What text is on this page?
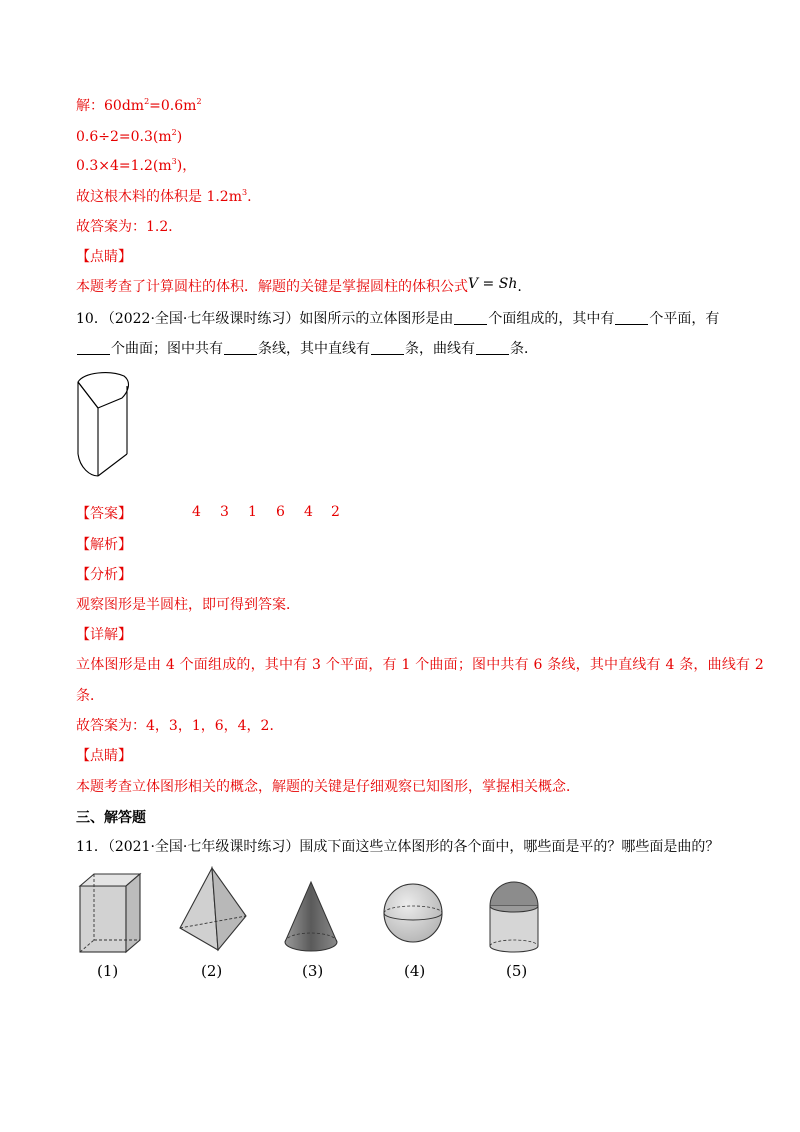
解：$60dm^2=0.6m^2$
$0.6\div 2=0.3(m^2)$
$0.3\times 4=1.2(m^3)$，
故这根木料的体积是 $1.2m^3$.
故答案为：1.2．
【点睛】
本题考查了计算圆柱的体积．解题的关键是掌握圆柱的体积公式V = Sh.
10．（2022·全国·七年级课时练习）如图所示的立体图形是由	个面组成的，其中有	个平面，有
个曲面；图中共有	条线，其中直线有	条，曲线有	条．
【答案】	4 3 1 6 4 2
【解析】
【分析】
观察图形是半圆柱，即可得到答案．
【详解】
立体图形是由 4 个面组成的，其中有 3 个平面，有 1 个曲面；图中共有 6 条线，其中直线有 4 条，曲线有 2
条．
故答案为：4，3，1，6，4，2．
【点睛】
本题考查立体图形相关的概念，解题的关键是仔细观察已知图形，掌握相关概念．
三、解答题
11．（2021·全国·七年级课时练习）围成下面这些立体图形的各个面中，哪些面是平的？哪些面是曲的？
(1)	(2)	(3)	(4)	(5)
